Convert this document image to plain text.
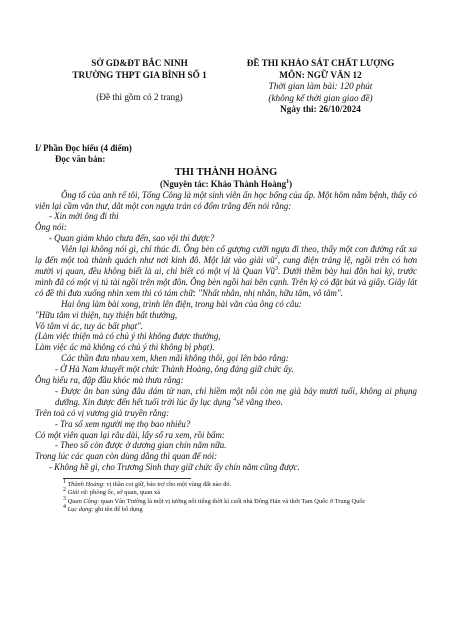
SỞ GD&ĐT BẮC NINH
TRƯỜNG THPT GIA BÌNH SỐ 1
(Đề thi gồm có 2 trang)
ĐỀ THI KHẢO SÁT CHẤT LƯỢNG
MÔN: NGỮ VĂN 12
Thời gian làm bài: 120 phút
(không kể thời gian giao đề)
Ngày thi: 26/10/2024

I/ Phần Đọc hiểu (4 điểm)

Đọc văn bản:

THI THÀNH HOÀNG

(Nguyên tác: Khảo Thành Hoàng$^1$)

Ông tổ của anh rể tôi, Tống Công là một sinh viên ấn học bổng của ấp. Một hôm nằm bệnh, thấy có viên lại cầm văn thư, dắt một con ngựa trán có đốm trắng đến nói rằng:

- Xin mời ông đi thi

Ông nói:

- Quan giám khảo chưa đến, sao vội thi được?

Viên lại không nói gì, chỉ thúc đi. Ông bèn cố gượng cưỡi ngựa đi theo, thấy một con đường rất xa lạ đến một toà thành quách như nơi kinh đô. Một lát vào giải $vũ^2$, cung điện tráng lệ, ngồi trên có hơn mười vị quan, đều không biết là ai, chỉ biết có một vị là Quan $Vũ^3$. Dưới thềm bày hai đôn hai kỷ, trước mình đã có một vị tú tài ngồi trên một đôn. Ông bèn ngồi hai bên cạnh. Trên kỷ có đặt bút và giấy. Giây lát có đề thi đưa xuống nhìn xem thì có tám chữ: "Nhất nhân, nhị nhân, hữu tâm, vô tâm".

Hai ông làm bài xong, trình lên điện, trong bài văn của ông có câu:

"Hữu tâm vi thiện, tuy thiện bất thưởng,

Vô tâm vi ác, tuy ác bất phạt".

(Làm việc thiện mà có chủ ý thì không được thưởng,

Làm việc ác mà không có chủ ý thì không bị phạt).

Các thần đưa nhau xem, khen mãi không thôi, gọi lên bảo rằng:

- Ở Hà Nam khuyết một chức Thành Hoàng, ông đáng giữ chức ấy.

Ông hiểu ra, đập đầu khóc mà thưa rằng:

- Được ân ban sủng đâu dám từ nan, chỉ hiềm một nỗi còn mẹ già bảy mươi tuổi, không ai phụng dưỡng. Xin được đến hết tuổi trời lúc ấy lục dụng $^4$sẽ vâng theo.

Trên toà có vị vương giả truyền rằng:

- Tra sổ xem người mẹ thọ bao nhiêu?

Có một viên quan lại râu dài, lấy sổ ra xem, rồi bẩm:

- Theo số còn được ở dương gian chín năm nữa.

Trong lúc các quan còn dùng dằng thì quan đế nói:

- Không hề gì, cho Trương Sinh thay giữ chức ấy chín năm cũng được.

$^1$ Thành Hoàng: vị thần coi giữ, bảo trợ cho một vùng đất nào đó.

$^2$ Giải vũ: phòng ốc, sở quan, quan xá

$^3$ Quan Công: quan Vân Trường là một vị tướng nổi tiếng thời kì cuối nhà Đông Hán và thời Tam Quốc ở Trung Quốc

$^4$ Lục dụng: ghi tên để bổ dụng
